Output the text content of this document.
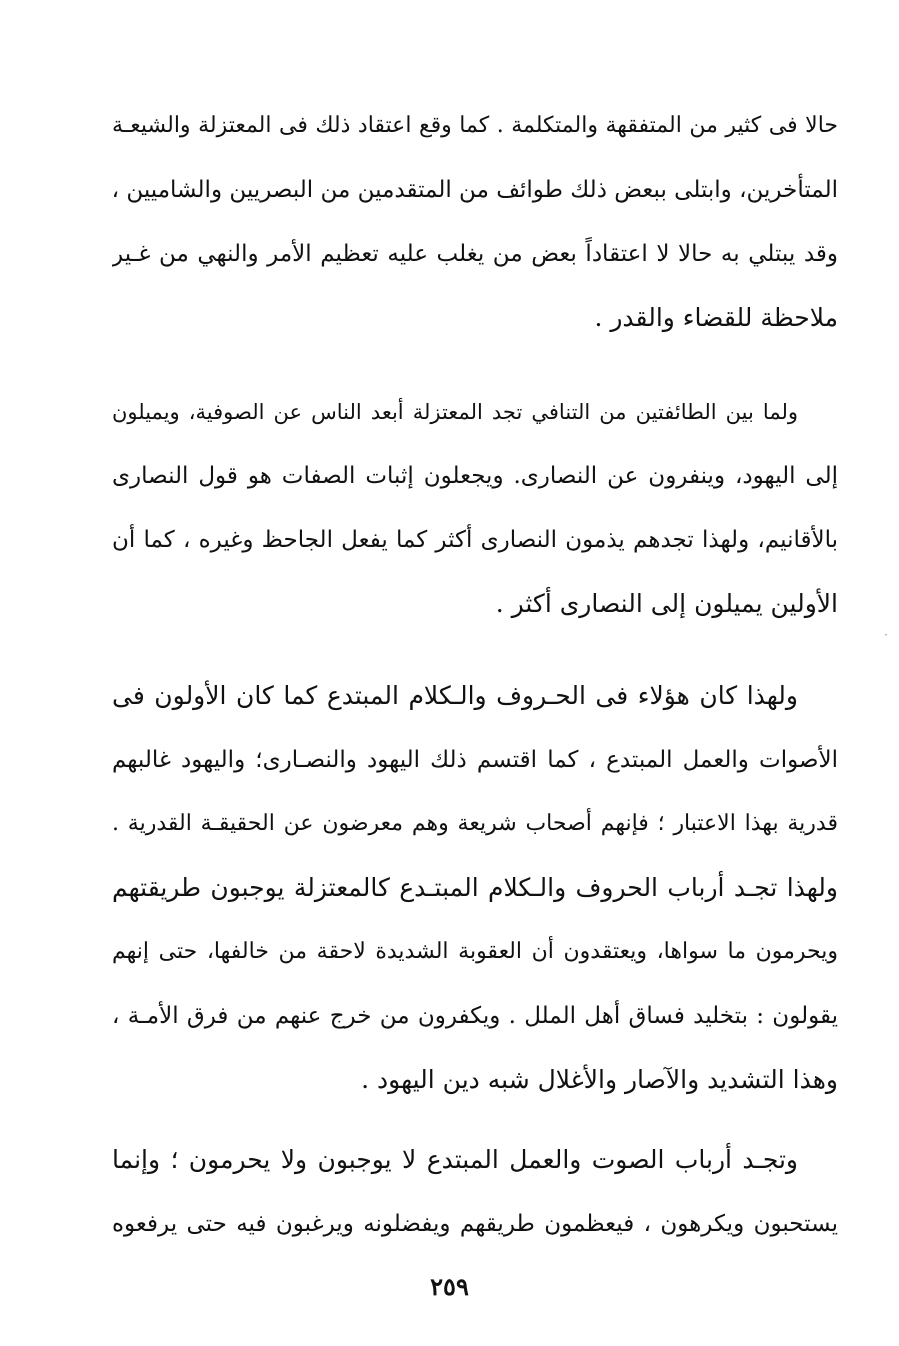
حالا فى كثير من المتفقهة والمتكلمة . كما وقع اعتقاد ذلك فى المعتزلة والشيعـة
المتأخرين، وابتلى ببعض ذلك طوائف من المتقدمين من البصريين والشاميين ،
وقد يبتلي به حالا لا اعتقاداً بعض من يغلب عليه تعظيم الأمر والنهي من غـير
ملاحظة للقضاء والقدر .
ولما بين الطائفتين من التنافي تجد المعتزلة أبعد الناس عن الصوفية، ويميلون
إلى اليهود، وينفرون عن النصارى. ويجعلون إثبات الصفات هو قول النصارى
بالأقانيم، ولهذا تجدهم يذمون النصارى أكثر كما يفعل الجاحظ وغيره ، كما أن
الأولين يميلون إلى النصارى أكثر .
ولهذا كان هؤلاء فى الحـروف والـكلام المبتدع كما كان الأولون فى
الأصوات والعمل المبتدع ، كما اقتسم ذلك اليهود والنصـارى؛ واليهود غالبهم
قدرية بهذا الاعتبار ؛ فإنهم أصحاب شريعة وهم معرضون عن الحقيقـة القدرية .
ولهذا تجـد أرباب الحروف والـكلام المبتـدع كالمعتزلة يوجبون طريقتهم
ويحرمون ما سواها، ويعتقدون أن العقوبة الشديدة لاحقة من خالفها، حتى إنهم
يقولون : بتخليد فساق أهل الملل . ويكفرون من خرج عنهم من فرق الأمـة ،
وهذا التشديد والآصار والأغلال شبه دين اليهود .
وتجـد أرباب الصوت والعمل المبتدع لا يوجبون ولا يحرمون ؛ وإنما
يستحبون ويكرهون ، فيعظمون طريقهم ويفضلونه ويرغبون فيه حتى يرفعوه
٢٥٩
·
